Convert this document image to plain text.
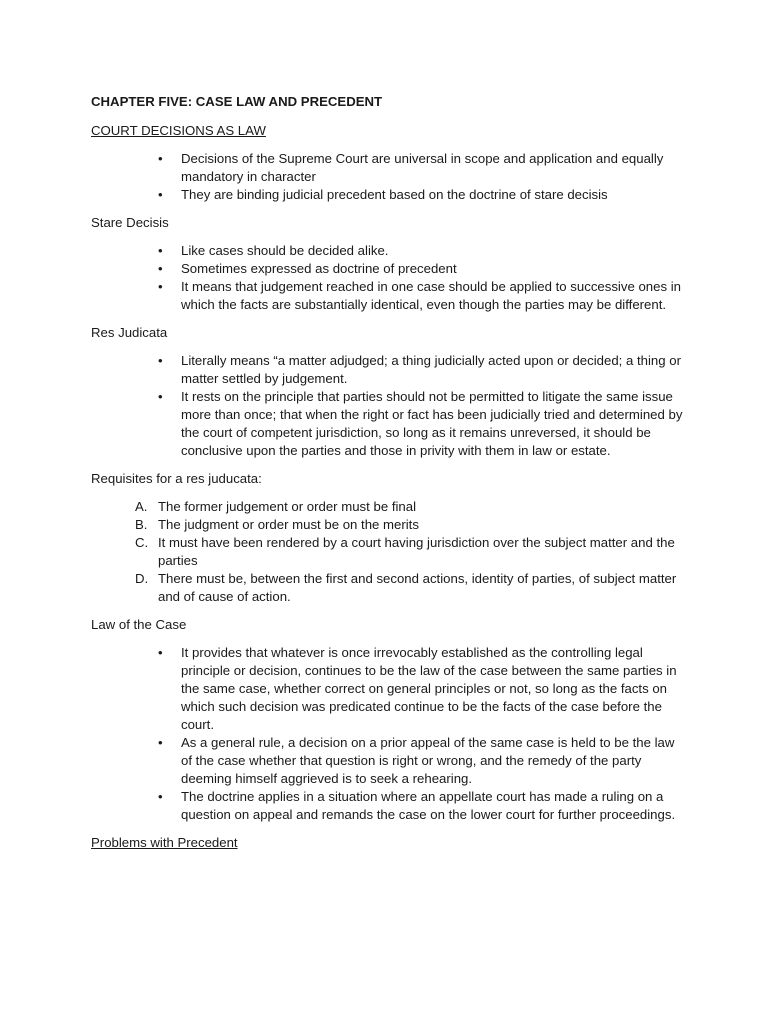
CHAPTER FIVE: CASE LAW AND PRECEDENT
COURT DECISIONS AS LAW
• Decisions of the Supreme Court are universal in scope and application and equally mandatory in character
• They are binding judicial precedent based on the doctrine of stare decisis
Stare Decisis
• Like cases should be decided alike.
• Sometimes expressed as doctrine of precedent
• It means that judgement reached in one case should be applied to successive ones in which the facts are substantially identical, even though the parties may be different.
Res Judicata
• Literally means “a matter adjudged; a thing judicially acted upon or decided; a thing or matter settled by judgement.
• It rests on the principle that parties should not be permitted to litigate the same issue more than once; that when the right or fact has been judicially tried and determined by the court of competent jurisdiction, so long as it remains unreversed, it should be conclusive upon the parties and those in privity with them in law or estate.
Requisites for a res juducata:
A. The former judgement or order must be final
B. The judgment or order must be on the merits
C. It must have been rendered by a court having jurisdiction over the subject matter and the parties
D. There must be, between the first and second actions, identity of parties, of subject matter and of cause of action.
Law of the Case
• It provides that whatever is once irrevocably established as the controlling legal principle or decision, continues to be the law of the case between the same parties in the same case, whether correct on general principles or not, so long as the facts on which such decision was predicated continue to be the facts of the case before the court.
• As a general rule, a decision on a prior appeal of the same case is held to be the law of the case whether that question is right or wrong, and the remedy of the party deeming himself aggrieved is to seek a rehearing.
• The doctrine applies in a situation where an appellate court has made a ruling on a question on appeal and remands the case on the lower court for further proceedings.
Problems with Precedent
